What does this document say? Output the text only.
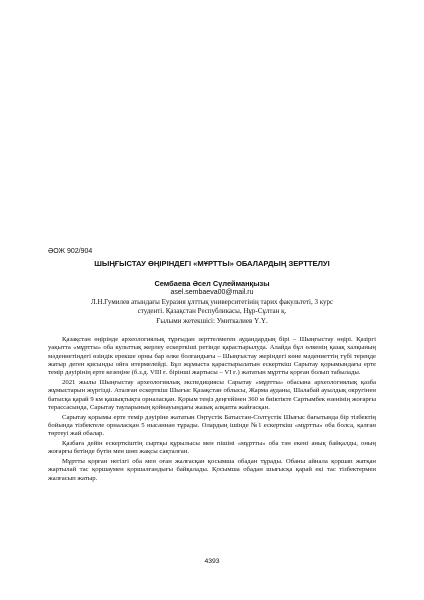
ӘОЖ 902/904
ШЫҢҒЫСТАУ ӨҢІРІНДЕГІ «МҰРТТЫ» ОБАЛАРДЫҢ ЗЕРТТЕЛУІ
Сембаева Әсел Сүлейманқызы
asel.sembaeva00@mail.ru
Л.Н.Гумилев атындағы Еуразия ұлттық университетінің тарих факультеті, 3 курс
студенті. Қазақстан Республикасы, Нұр-Сұлтан қ.
Ғылыми жетекшісі: Умиткалиев Ү.Ү.

Қазақстан өңірінде археологиялық тұрғыдан зерттелмеген аудандардың бірі – Шыңғыстау өңірі. Қазіргі уақытта «мұртты» оба культтық жерлеу ескерткіші ретінде қарастырылуда. Алайда бұл өлкенің қазақ халқының мәдениетіндегі өзіндік ерекше орны бар өлке болғандығы – Шыңғыстау жеріндегі көне мәдениеттің түбі тереңде жатыр деген қисынды ойға итермелейді. Бұл жұмыста қарастырылатын ескерткіш Сарытау қорымындағы ерте темір дәуірінің ерте кезеңіне (б.з.д. VIII ғ. бірінші жартысы – VI ғ.) жататын мұртты қорған болып табылады.

2021 жылы Шыңғыстау археологиялық экспедициясы Сарытау «мұртты» обасына археологиялық қазба жұмыстарын жүргізді. Аталған ескерткіш Шығыс Қазақстан облысы, Жарма ауданы, Шалабай ауылдық округінен батысқа қарай 9 км қашықтықта орналасқан. Қорым теңіз деңгейінен 360 м биіктікте Сартымбек өзенінің жоғарғы терассасында, Сарытау тауларының қойнауындағы жазық алқапта жайғасқан.

Сарытау қорымы ерте темір дәуірінe жататын Оңтүстік Батыстан-Солтүстік Шығыс бағытында бір тізбектің бойында тізбектеле орналасқан 5 нысаннан тұрады. Олардың ішінде №1 ескерткіш «мұртты» оба болса, қалған төртеуі жай обалар.

Қазбаға дейін ескерткіштің сыртқы құрылысы мен пішіні «мұртты» оба тән екені анық байқалды, оның жоғарғы бетінде бүтін мен шөп жақсы сақталған.

Мұртты қорған негізгі оба мен оған жалғасқан қосымша обадан тұрады. Обаны айнала қоршап жатқан жартылай тас қоршаумен қоршалғандығы байқалады. Қосымша обадан шығысқа қарай екі тас тізбектермен жалғасып жатыр.

4393
